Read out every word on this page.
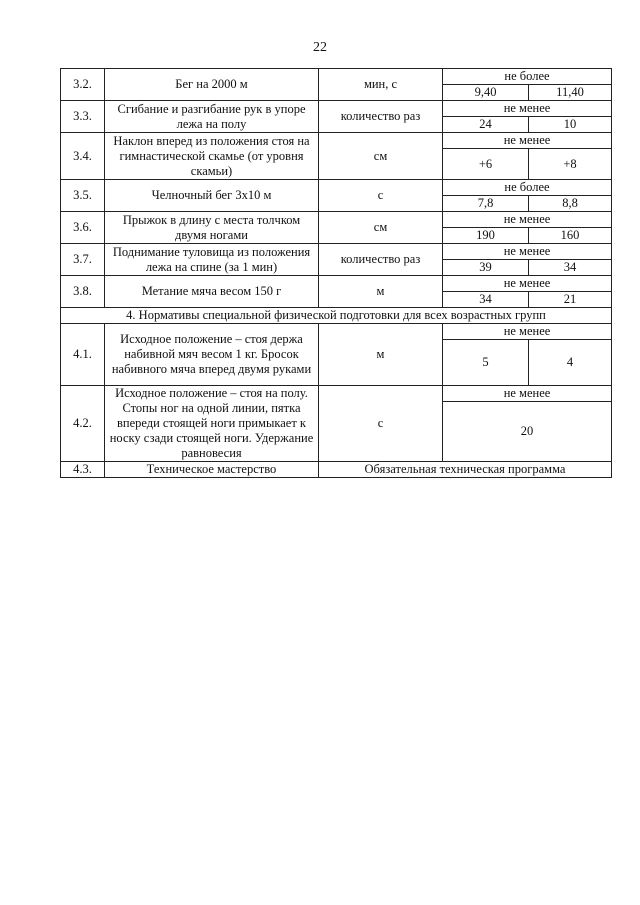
22
3.2.	Бег на 2000 м	мин, с	не более	
			9,40	11,40
3.3.	Сгибание и разгибание рук в упоре лежа на полу	количество раз	не менее	
			24	10
3.4.	Наклон вперед из положения стоя на гимнастической скамье (от уровня скамьи)	см	не менее	
			+6	+8
3.5.	Челночный бег 3х10 м	с	не более	
			7,8	8,8
3.6.	Прыжок в длину с места толчком двумя ногами	см	не менее	
			190	160
3.7.	Поднимание туловища из положения лежа на спине (за 1 мин)	количество раз	не менее	
			39	34
3.8.	Метание мяча весом 150 г	м	не менее	
			34	21
4. Нормативы специальной физической подготовки для всех возрастных групп				
4.1.	Исходное положение – стоя держа набивной мяч весом 1 кг. Бросок набивного мяча вперед двумя руками	м	не менее	
			5	4
4.2.	Исходное положение – стоя на полу. Стопы ног на одной линии, пятка впереди стоящей ноги примыкает к носку сзади стоящей ноги. Удержание равновесия	с	не менее	
			20	
4.3.	Техническое мастерство	Обязательная техническая программа		
